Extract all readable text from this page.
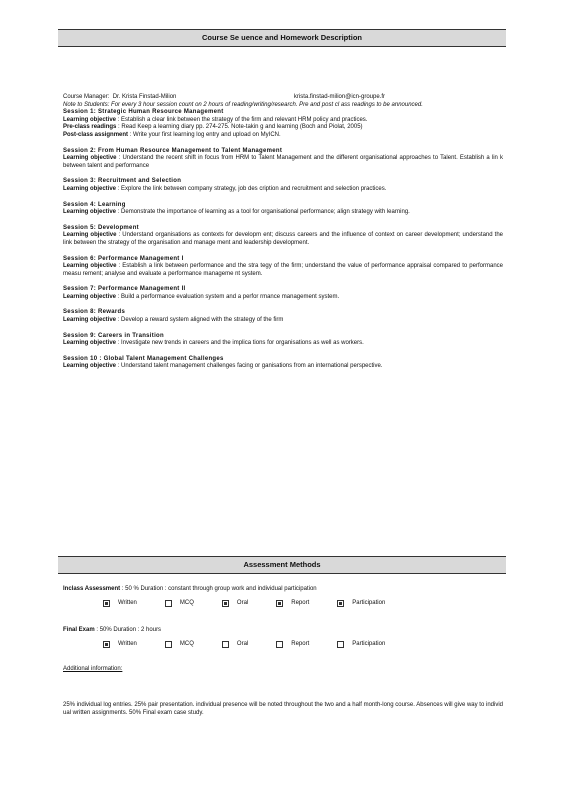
Course Se uence and Homework Description

Course Manager: Dr. Krista Finstad-Milion	krista.finstad-milion@icn-groupe.fr

Note to Students: For every 3 hour session count on 2 hours of reading/writing/research. Pre and post cl ass readings to be announced.

Session 1: Strategic Human Resource Management

Learning objective : Establish a clear link between the strategy of the firm and relevant HRM policy and practices.

Pre-class readings : Read Keep a learning diary pp. 274-275. Note-takin g and learning (Boch and Piolat, 2005)

Post-class assignment : Write your first learning log entry and upload on MyICN.

Session 2: From Human Resource Management to Talent Management

Learning objective : Understand the recent shift in focus from HRM to Talent Management and the different organisational approaches to Talent. Establish a lin k between talent and performance

Session 3: Recruitment and Selection

Learning objective : Explore the link between company strategy, job des cription and recruitment and selection practices.

Session 4: Learning

Learning objective : Demonstrate the importance of learning as a tool for organisational performance; align strategy with learning.

Session 5: Development

Learning objective : Understand organisations as contexts for developm ent; discuss careers and the influence of context on career development; understand the link between the strategy of the organisation and manage ment and leadership development.

Session 6: Performance Management I

Learning objective : Establish a link between performance and the stra tegy of the firm; understand the value of performance appraisal compared to performance measu rement; analyse and evaluate a performance manageme nt system.

Session 7: Performance Management II

Learning objective : Build a performance evaluation system and a perfor rmance management system.

Session 8: Rewards

Learning objective : Develop a reward system aligned with the strategy of the firm

Session 9: Careers in Transition

Learning objective : Investigate new trends in careers and the implica tions for organisations as well as workers.

Session 10 : Global Talent Management Challenges

Learning objective : Understand talent management challenges facing or ganisations from an international perspective.

Assessment Methods

Inclass Assessment : 50 % Duration : constant through group work and individual participation

Written	MCQ	Oral	Report	Participation

Final Exam : 50% Duration : 2 hours

Written	MCQ	Oral	Report	Participation

Additional information:

25% individual log entries. 25% pair presentation. individual presence will be noted throughout the two and a half month-long course. Absences will give way to individ ual written assignments. 50% Final exam case study.
